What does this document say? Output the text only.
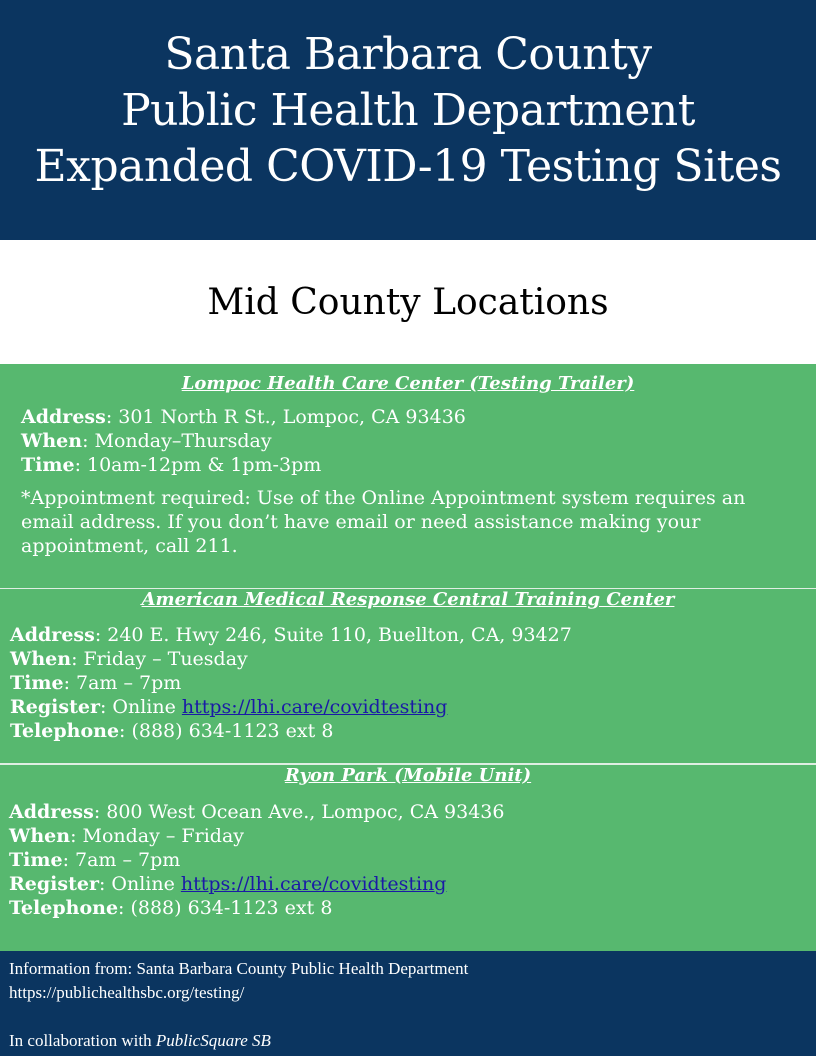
Santa Barbara County
Public Health Department
Expanded COVID-19 Testing Sites
Mid County Locations
Lompoc Health Care Center (Testing Trailer)
Address: 301 North R St., Lompoc, CA 93436
When: Monday–Thursday
Time: 10am-12pm & 1pm-3pm
*Appointment required: Use of the Online Appointment system requires an email address. If you don’t have email or need assistance making your appointment, call 211.
American Medical Response Central Training Center
Address: 240 E. Hwy 246, Suite 110, Buellton, CA, 93427
When: Friday – Tuesday
Time: 7am – 7pm
Register: Online https://lhi.care/covidtesting
Telephone: (888) 634-1123 ext 8
Ryon Park (Mobile Unit)
Address: 800 West Ocean Ave., Lompoc, CA 93436
When: Monday – Friday
Time: 7am – 7pm
Register: Online https://lhi.care/covidtesting
Telephone: (888) 634-1123 ext 8
Information from: Santa Barbara County Public Health Department
https://publichealthsbc.org/testing/
In collaboration with PublicSquare SB
